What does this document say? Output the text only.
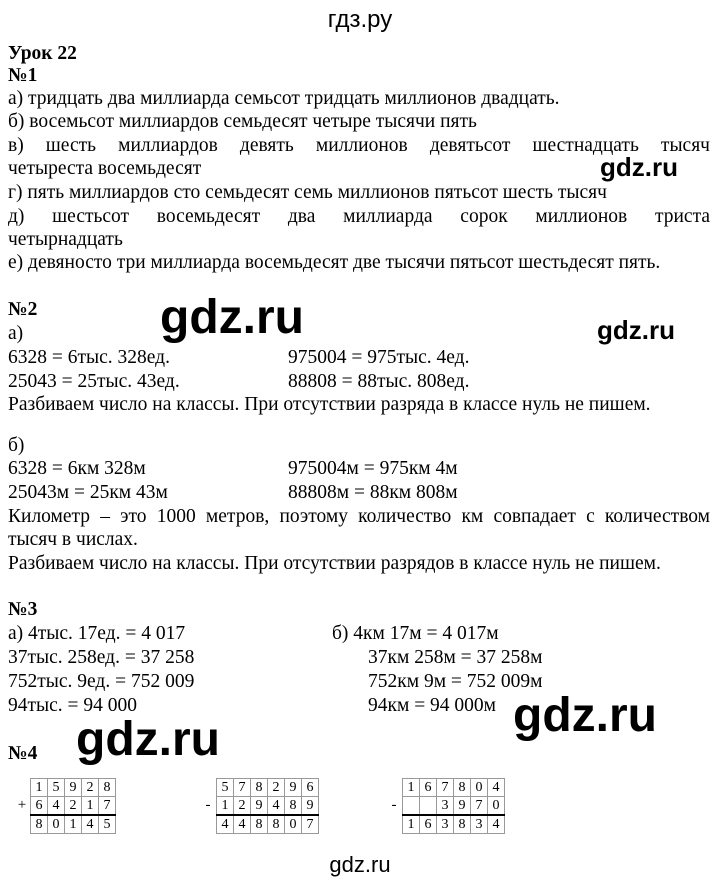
гдз.ру
Урок 22
№1
а) тридцать два миллиарда семьсот тридцать миллионов двадцать.
б) восемьсот миллиардов семьдесят четыре тысячи пять
в) шесть миллиардов девять миллионов девятьсот шестнадцать тысяч
четыреста восемьдесят
г) пять миллиардов сто семьдесят семь миллионов пятьсот шесть тысяч
д) шестьсот восемьдесят два миллиарда сорок миллионов триста
четырнадцать
е) девяносто три миллиарда восемьдесят две тысячи пятьсот шестьдесят пять.
gdz.ru
№2	gdz.ru	gdz.ru
а)
6328 = 6тыс. 328ед.	975004 = 975тыс. 4ед.
25043 = 25тыс. 43ед.	88808 = 88тыс. 808ед.
Разбиваем число на классы. При отсутствии разряда в классе нуль не пишем.
б)
6328 = 6км 328м	975004м = 975км 4м
25043м = 25км 43м	88808м = 88км 808м
Километр – это 1000 метров, поэтому количество км совпадает с количеством
тысяч в числах.
Разбиваем число на классы. При отсутствии разрядов в классе нуль не пишем.
№3
а) 4тыс. 17ед. = 4 017	б) 4км 17м = 4 017м
37тыс. 258ед. = 37 258	37км 258м = 37 258м
752тыс. 9ед. = 752 009	752км 9м = 752 009м
94тыс. = 94 000	94км = 94 000м gdz.ru
№4 gdz.ru
	1	5	9	2	8
+	6	4	2	1	7
	8	0	1	4	5
	5	7	8	2	9	6
-	1	2	9	4	8	9
	4	4	8	8	0	7
	1	6	7	8	0	4
-			3	9	7	0
	1	6	3	8	3	4
gdz.ru
